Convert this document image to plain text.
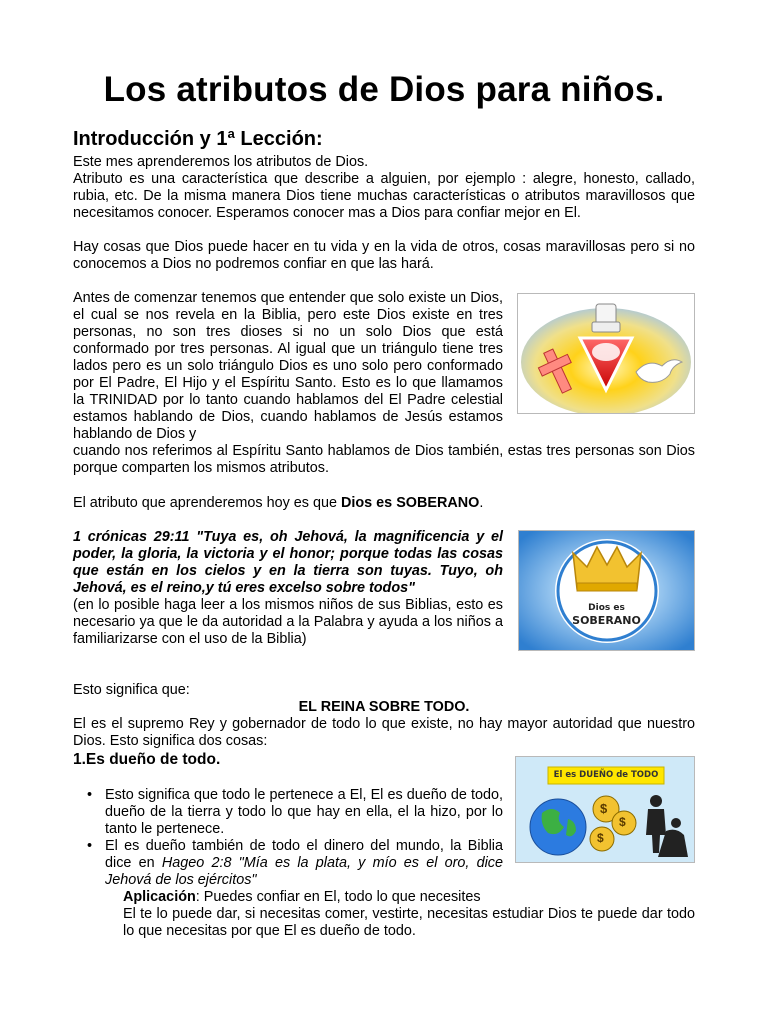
Los atributos de Dios para niños.
Introducción y 1ª Lección:

Este mes aprenderemos los atributos de Dios.

Atributo es una característica que describe a alguien, por ejemplo : alegre, honesto, callado, rubia, etc. De la misma manera Dios tiene muchas características o atributos maravillosos que necesitamos conocer. Esperamos conocer mas a Dios para confiar mejor en El.

Hay cosas que Dios puede hacer en tu vida y en la vida de otros, cosas maravillosas pero si no conocemos a Dios no podremos confiar en que las hará.

Antes de comenzar tenemos que entender que solo existe un Dios, el cual se nos revela en la Biblia, pero este Dios existe en tres personas, no son tres dioses si no un solo Dios que está conformado por tres personas. Al igual que un triángulo tiene tres lados pero es un solo triángulo Dios es uno solo pero conformado por El Padre, El Hijo y el Espíritu Santo. Esto es lo que llamamos la TRINIDAD por lo tanto cuando hablamos del El Padre celestial estamos hablando de Dios, cuando hablamos de Jesús estamos hablando de Dios y

cuando nos referimos al Espíritu Santo hablamos de Dios también, estas tres personas son Dios porque comparten los mismos atributos.

El atributo que aprenderemos hoy es que Dios es SOBERANO.

1 crónicas 29:11 "Tuya es, oh Jehová, la magnificencia y el poder, la gloria, la victoria y el honor; porque todas las cosas que están en los cielos y en la tierra son tuyas. Tuyo, oh Jehová, es el reino,y tú eres excelso sobre todos"
(en lo posible haga leer a los mismos niños de sus Biblias, esto es necesario ya que le da autoridad a la Palabra y ayuda a los niños a familiarizarse con el uso de la Biblia)

Dios es
SOBERANO

Esto significa que:

EL REINA SOBRE TODO.

El es el supremo Rey y gobernador de todo lo que existe, no hay mayor autoridad que nuestro Dios. Esto significa dos cosas:

1.Es dueño de todo.

• Esto significa que todo le pertenece a El, El es dueño de todo, dueño de la tierra y todo lo que hay en ella, el la hizo, por lo tanto le pertenece.
• El es dueño también de todo el dinero del mundo, la Biblia dice en Hageo 2:8 "Mía es la plata, y mío es el oro, dice Jehová de los ejércitos"

Aplicación: Puedes confiar en El, todo lo que necesites

El te lo puede dar, si necesitas comer, vestirte, necesitas estudiar Dios te puede dar todo lo que necesitas por que El es dueño de todo.

El es DUEÑO de TODO
$
$
$
